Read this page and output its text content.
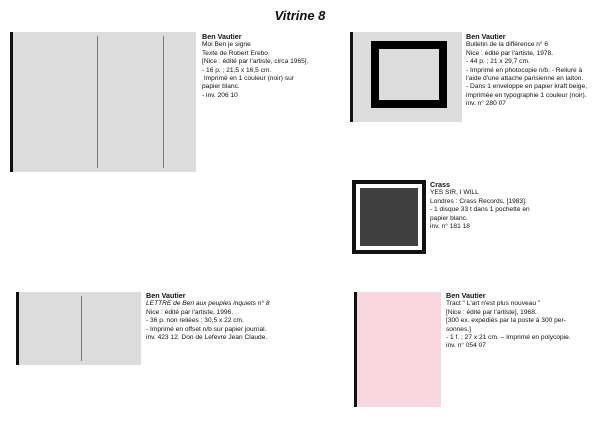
Vitrine 8
Ben Vautier
Moi Ben je signe
Texte de Robert Erebo.
[Nice : édité par l'artiste, circa 1965].
- 16 p. ; 21,5 x 16,5 cm.
Imprimé en 1 couleur (noir) sur
papier blanc.
- inv. 206 10
Ben Vautier
Bulletin de la différence n° 6
Nice : édité par l'artiste, 1978.
- 44 p. ; 21 x 29,7 cm.
- Imprimé en photocopie n/b. - Reliure à
l'aide d'une attache parisienne en laiton.
- Dans 1 enveloppe en papier kraft beige,
imprimée en typographie 1 couleur (noir).
inv. n° 280 07
Crass
YES SIR, I WILL
Londres : Crass Records, [1983].
- 1 disque 33 t dans 1 pochette en
papier blanc.
inv. n° 181 18
Ben Vautier
LETTRE de Ben aux peuples inquiets n° 8
Nice : édité par l'artiste, 1996.
- 36 p. non reliées ; 30,5 x 22 cm.
- Imprimé en offset n/b sur papier journal.
inv. 423 12. Don de Lefevre Jean Claude.
Ben Vautier
Tract " L'art n'est plus nouveau "
[Nice : édité par l'artiste], 1968.
[300 ex. expédiés par la poste à 300 per-
sonnes.]
- 1 f. ; 27 x 21 cm. – Imprimé en polycopie.
inv. n° 054 07
